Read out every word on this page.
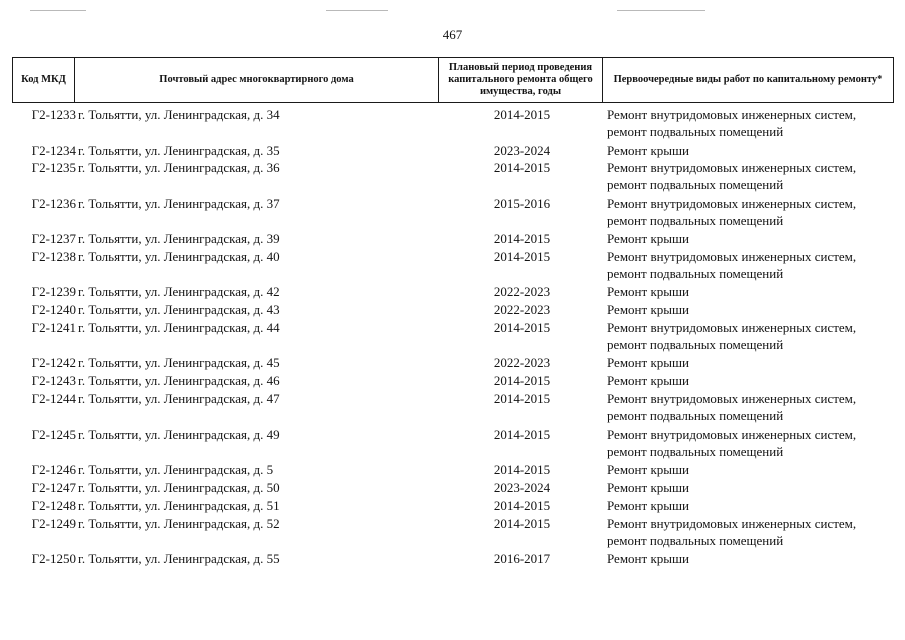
467
Код МКД	Почтовый адрес многоквартирного дома	Плановый период проведения капитального ремонта общего имущества, годы	Первоочередные виды работ по капитальному ремонту*
Г2-1233 г. Тольятти, ул. Ленинградская, д. 34	2014-2015	Ремонт внутридомовых инженерных систем, ремонт подвальных помещений
Г2-1234 г. Тольятти, ул. Ленинградская, д. 35	2023-2024	Ремонт крыши
Г2-1235 г. Тольятти, ул. Ленинградская, д. 36	2014-2015	Ремонт внутридомовых инженерных систем, ремонт подвальных помещений
Г2-1236 г. Тольятти, ул. Ленинградская, д. 37	2015-2016	Ремонт внутридомовых инженерных систем, ремонт подвальных помещений
Г2-1237 г. Тольятти, ул. Ленинградская, д. 39	2014-2015	Ремонт крыши
Г2-1238 г. Тольятти, ул. Ленинградская, д. 40	2014-2015	Ремонт внутридомовых инженерных систем, ремонт подвальных помещений
Г2-1239 г. Тольятти, ул. Ленинградская, д. 42	2022-2023	Ремонт крыши
Г2-1240 г. Тольятти, ул. Ленинградская, д. 43	2022-2023	Ремонт крыши
Г2-1241 г. Тольятти, ул. Ленинградская, д. 44	2014-2015	Ремонт внутридомовых инженерных систем, ремонт подвальных помещений
Г2-1242 г. Тольятти, ул. Ленинградская, д. 45	2022-2023	Ремонт крыши
Г2-1243 г. Тольятти, ул. Ленинградская, д. 46	2014-2015	Ремонт крыши
Г2-1244 г. Тольятти, ул. Ленинградская, д. 47	2014-2015	Ремонт внутридомовых инженерных систем, ремонт подвальных помещений
Г2-1245 г. Тольятти, ул. Ленинградская, д. 49	2014-2015	Ремонт внутридомовых инженерных систем, ремонт подвальных помещений
Г2-1246 г. Тольятти, ул. Ленинградская, д. 5	2014-2015	Ремонт крыши
Г2-1247 г. Тольятти, ул. Ленинградская, д. 50	2023-2024	Ремонт крыши
Г2-1248 г. Тольятти, ул. Ленинградская, д. 51	2014-2015	Ремонт крыши
Г2-1249 г. Тольятти, ул. Ленинградская, д. 52	2014-2015	Ремонт внутридомовых инженерных систем, ремонт подвальных помещений
Г2-1250 г. Тольятти, ул. Ленинградская, д. 55	2016-2017	Ремонт крыши
